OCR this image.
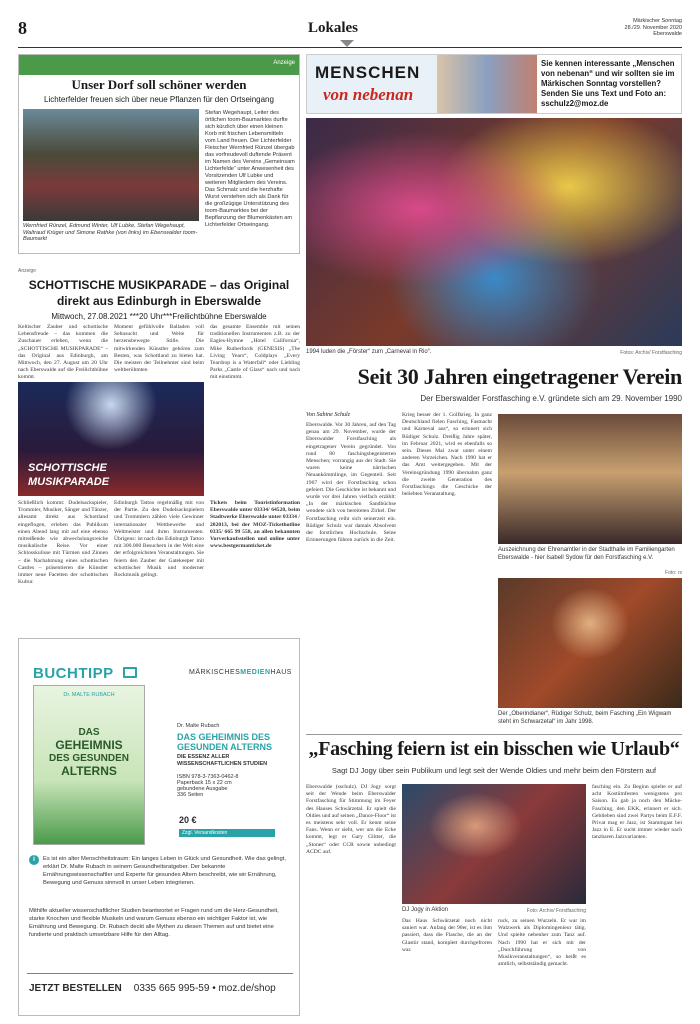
8	Lokales	Märkischer Sonntag
28./29. November 2020
Eberswalde
Anzeige
Unser Dorf soll schöner werden
Lichterfelder freuen sich über neue Pflanzen für den Ortseingang
Wernfried Rünzel, Edmund Winter, Ulf Lubke, Stefan Wegehaupt, Waltraud Krüger und Simone Rathke (von links) im Eberswalder toom-Baumarkt
Stefan Wegehaupt, Leiter des örtlichen toom-Baumarktes durfte sich kürzlich über einen kleinen Korb mit frischen Lebensmitteln vom Land freuen. Der Lichterfelder Fleischer Wernfried Rünzel übergab das vorfreudevoll duftende Präsent im Namen des Vereins „Gemeinsam Lichterfelde“ unter Anwesenheit des Vorsitzenden Ulf Lubke und weiteren Mitgliedern des Vereins. Das Schmalz und die herzhafte Wurst verstehen sich als Dank für die großzügige Unterstützung des toom-Baumarktes bei der Bepflanzung der Blumenkästen am Lichterfelder Ortseingang.
MENSCHEN
von nebenan
Sie kennen interessante „Menschen von nebenan“ und wir sollten sie im Märkischen Sonntag vorstellen? Senden Sie uns Text und Foto an: sschulz2@moz.de
1994 luden die „Förster“ zum „Carneval in Rio“.	Fotos: Archiv/ Forstfasching
Anzeige
SCHOTTISCHE MUSIKPARADE – das Original
direkt aus Edinburgh in Eberswalde
Mittwoch, 27.08.2021 ***20 Uhr***Freilichtbühne Eberswalde
Keltischer Zauber und schottische Lebensfreude – das kommen die Zuschauer erleben, wenn die „SCHOTTISCHE MUSIKPARADE“ – das Original aus Edinburgh, am Mittwoch, den 27. August um 20 Uhr nach Eberswalde auf die Freilichtbühne kommt.
Moment gefühlvolle Balladen voll Sehnsucht und Weite für herzensbewegte Stille. Die mitwirkenden Künstler gehören zum Besten, was Schottland zu bieten hat. Die meisten der Teilnehmer sind beim weltberühmten
das gesamte Ensemble mit seinen traditionellen Instrumenten z.B. zu der Eagles-Hymne „Hotel California“, Mike Rutherfords (GENESIS) „The Living Years“, Coldplays „Every Teardrop is a Waterfall“ oder Liebling Parks „Castle of Glass“ nach und nach mit einstimmt.
SCHOTTISCHE
MUSIKPARADE
Schließlich kommt: Dudelsackspieler, Trommler, Musiker, Sänger und Tänzer, allesamt direkt aus Schottland eingeflogen, erleben das Publikum einen Abend lang mit auf eine ebenso mitreißende wie abwechslungsreiche musikalische Reise. Vor einer Schlosskulisse mit Türmen und Zinnen – die Nachahmung eines schottischen Castles – präsentieren die Künstler immer neue Facetten der schottischen Kultur.
Edinburgh Tattoo regelmäßig mit von der Partie. Zu den Dudelsackspielern und Trommlern zählen viele Gewinner internationaler Wettbewerbe und Weltmeister und ihren Instrumenten. Übrigens: ist nach das Edinburgh Tattoo mit 300.000 Besuchern in der Welt eine der erfolgreichsten Veranstaltungen. Sie feiern den Zauber der Gatekeeper mit schottischer Musik und moderner Rockmusik gelingt.
Tickets beim Touristinformation Eberswalde unter 03334/ 64520, beim Stadtwerke Eberswalde unter 03334 / 202013, bei der MOZ-Tickethotline 0335/ 665 99 558, an allen bekannten Vorverkaufsstellen und online unter www.bestgermanticket.de
Seit 30 Jahren eingetragener Verein
Der Eberswalder Forstfasching e.V. gründete sich am 29. November 1990
Von Sabine Schulz
Eberswalde. Vor 30 Jahren, auf den Tag genau am 29. November, wurde der Eberswalder Forstfasching als eingetragener Verein gegründet. Von rund 80 faschingsbegeisterten Menschen; vorrangig aus der Stadt. Sie waren keine närrischen Neuankömmlinge, im Gegenteil. Seit 1967 wird der Forstfasching schon gefeiert. Die Geschichte ist bekannt und wurde vor drei Jahren vielfach erzählt: „In der märkischen Sandbüchse wendete sich von bereiteten Zirkel. Der Forstfasching reiht sich seinerzeit ein. Rüdiger Schulz war damals Absolvent der forstlichen Hochschule. Seine Erinnerungen führen zurück in die Zeit.
Krieg besser der 1. Golfkrieg. In ganz Deutschland fielen Fasching, Fastnacht und Karneval aus“, so erinnert sich Rüdiger Schulz. Dreißig Jahre später, im Februar 2021, wird es ebenfalls so sein. Dieses Mal zwar unter einem anderen Vorzeichen. Nach 1990 hat er das Amt weitergegeben. Mit der Vereinsgründung 1990 übernahm ganz die zweite Generation des Forstfaschings die Geschicke der beliebten Veranstaltung.
Auszeichnung der Ehrenamtler in der Stadthalle im Familiengarten Eberswalde - hier Isabell Sydow für den Forstfasching e.V.
Foto: rs
Der „Oberindianer“, Rüdiger Schulz, beim Fasching „Ein Wigwam steht im Schwarzetal“ im Jahr 1998.
„Fasching feiern ist ein bisschen wie Urlaub“
Sagt DJ Jogy über sein Publikum und legt seit der Wende Oldies und mehr beim den Förstern auf
Eberswalde (sschulz). DJ Jogy sorgt seit der Wende beim Eberswalder Forstfasching für Stimmung im Feyer des Hauses Schwärzetal. Er spielt die Oldies und auf seinen „Dance-Floor“ ist es meistens sehr voll. Er kennt seine Fans. Wenn er sieht, wer um die Ecke kommt, legt er Gary Glitter, die „Stones“ oder CCR sowie unbedingt ACDC auf.
DJ Jogy in Aktion	Foto: Archiv/ Forstfasching
Das Haus Schwärzetal noch nicht saniert war. Anfang der 90er, ist es ihm passiert, dass die Flasche, die an der Glastür stand, komplett durchgefroren war.
ruck, zu seinen Wurzeln. Er war im Walzwerk als Diplomingenieur tätig. Und spielte nebenher zum Tanz auf. Nach 1990 hat er sich mit der „Durchführung von Musikveranstaltungen“, so heißt es amtlich, selbstständig gemacht.
fasching ein. Zu Beginn spielte er auf acht Kostümfesten wenigstens pro Saison. Es gab ja noch den Mücke-Fasching, den EKK, erinnert er sich. Geblieben sind zwei Partys beim E.F.F. Privat mag er Jazz, ist Stammgast bei Jazz in E. Er sucht immer wieder nach tanzbaren Jazzvarianten.
BUCHTIPP	MÄRKISCHESMEDIENHAUS
Dr. MALTE RUBACH
DAS
GEHEIMNIS
DES GESUNDEN
ALTERNS
Dr. Malte Rubach
DAS GEHEIMNIS DES GESUNDEN ALTERNS
DIE ESSENZ ALLER WISSENSCHAFTLICHEN STUDIEN
ISBN 978-3-7363-0462-8
Paperback 15 x 22 cm
gebundene Ausgabe
336 Seiten
20 €
Zzgl. Versandkosten
i	Es ist ein alter Menschheitstraum: Ein langes Leben in Glück und Gesundheit. Wie das gelingt, erklärt Dr. Malte Rubach in seinem Gesundheitsratgeber. Der bekannte Ernährungswissenschaftler und Experte für gesundes Altern beschreibt, wie wir Ernährung, Bewegung und Genuss sinnvoll in unser Leben integrieren.
Mithilfe aktueller wissenschaftlicher Studien beantwortet er Fragen rund um die Herz-Gesundheit, starke Knochen und flexible Muskeln und warum Genuss ebenso ein wichtiger Faktor ist, wie Ernährung und Bewegung. Dr. Rubach deckt alle Mythen zu diesen Themen auf und bietet eine fundierte und praktisch umsetzbare Hilfe für den Alltag.
JETZT BESTELLEN 0335 665 995-59 • moz.de/shop
